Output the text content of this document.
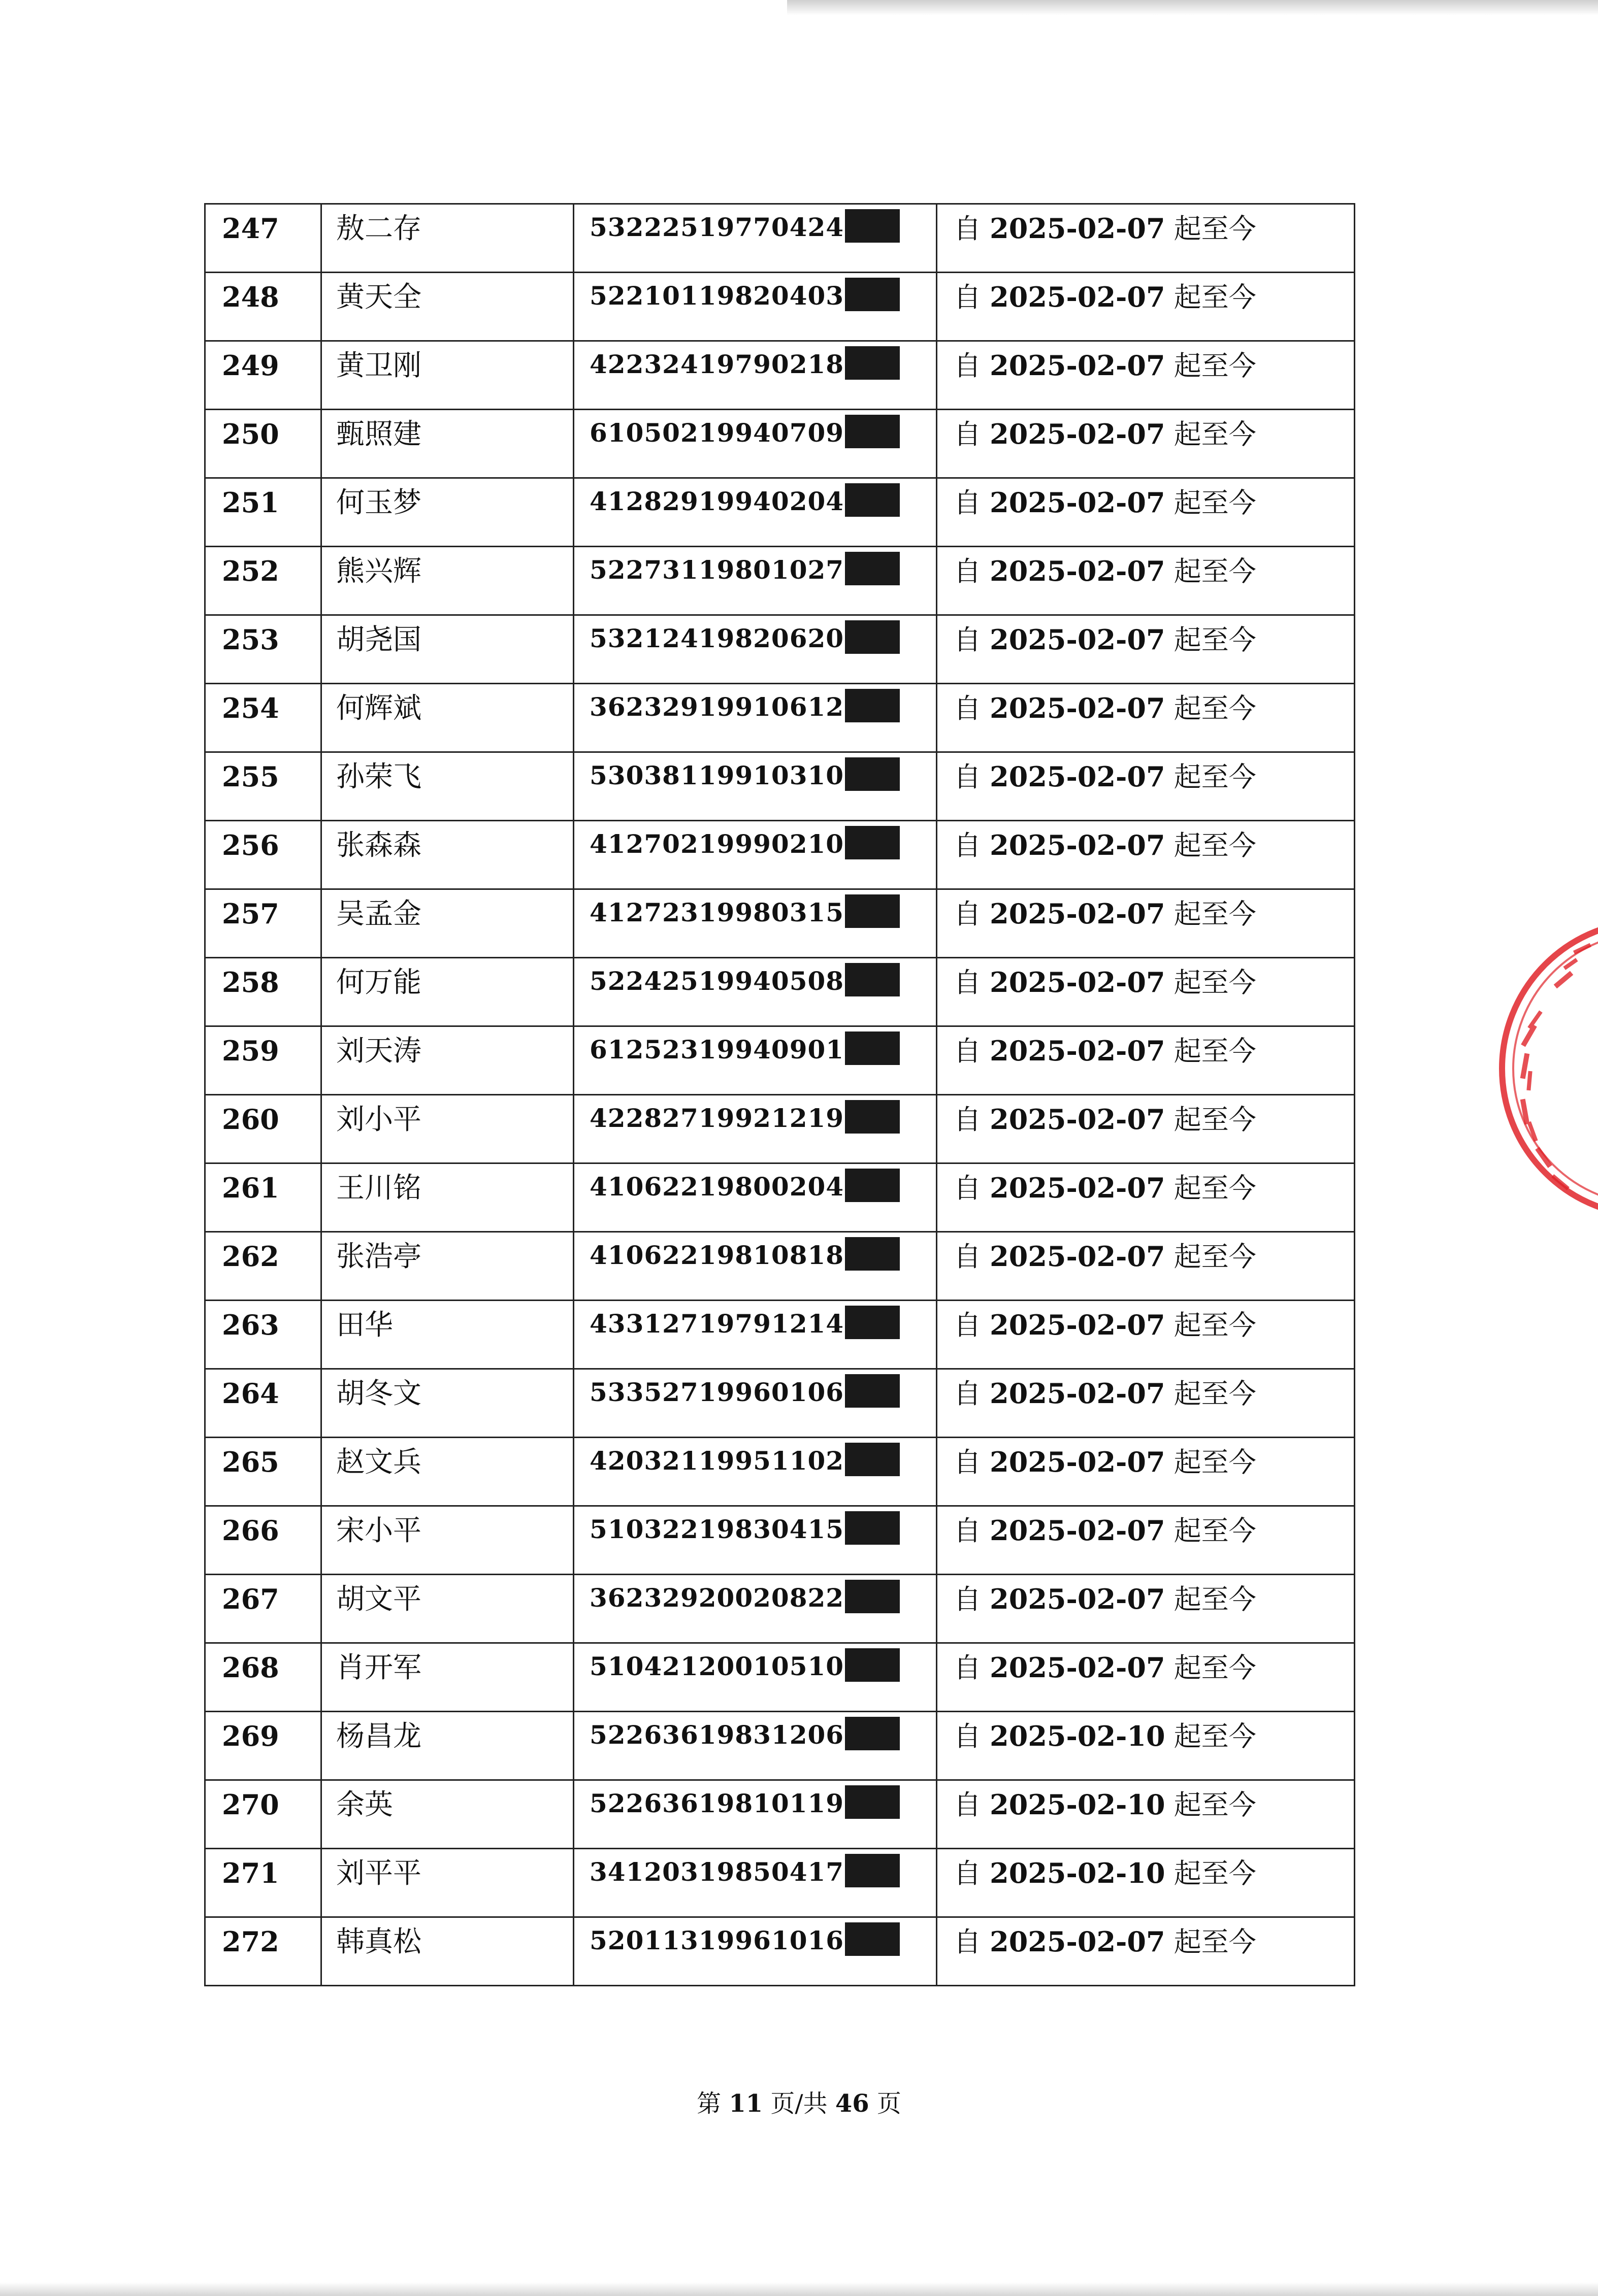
247	敖二存	53222519770424	自 2025-02-07 起至今

248	黄天全	52210119820403	自 2025-02-07 起至今

249	黄卫刚	42232419790218	自 2025-02-07 起至今

250	甄照建	61050219940709	自 2025-02-07 起至今

251	何玉梦	41282919940204	自 2025-02-07 起至今

252	熊兴辉	52273119801027	自 2025-02-07 起至今

253	胡尧国	53212419820620	自 2025-02-07 起至今

254	何辉斌	36232919910612	自 2025-02-07 起至今

255	孙荣飞	53038119910310	自 2025-02-07 起至今

256	张森森	41270219990210	自 2025-02-07 起至今

257	吴孟金	41272319980315	自 2025-02-07 起至今

258	何万能	52242519940508	自 2025-02-07 起至今

259	刘天涛	61252319940901	自 2025-02-07 起至今

260	刘小平	42282719921219	自 2025-02-07 起至今

261	王川铭	41062219800204	自 2025-02-07 起至今

262	张浩亭	41062219810818	自 2025-02-07 起至今

263	田华	43312719791214	自 2025-02-07 起至今

264	胡冬文	53352719960106	自 2025-02-07 起至今

265	赵文兵	42032119951102	自 2025-02-07 起至今

266	宋小平	51032219830415	自 2025-02-07 起至今

267	胡文平	36232920020822	自 2025-02-07 起至今

268	肖开军	51042120010510	自 2025-02-07 起至今

269	杨昌龙	52263619831206	自 2025-02-10 起至今

270	余英	52263619810119	自 2025-02-10 起至今

271	刘平平	34120319850417	自 2025-02-10 起至今

272	韩真松	52011319961016	自 2025-02-07 起至今
第 11 页/共 46 页
